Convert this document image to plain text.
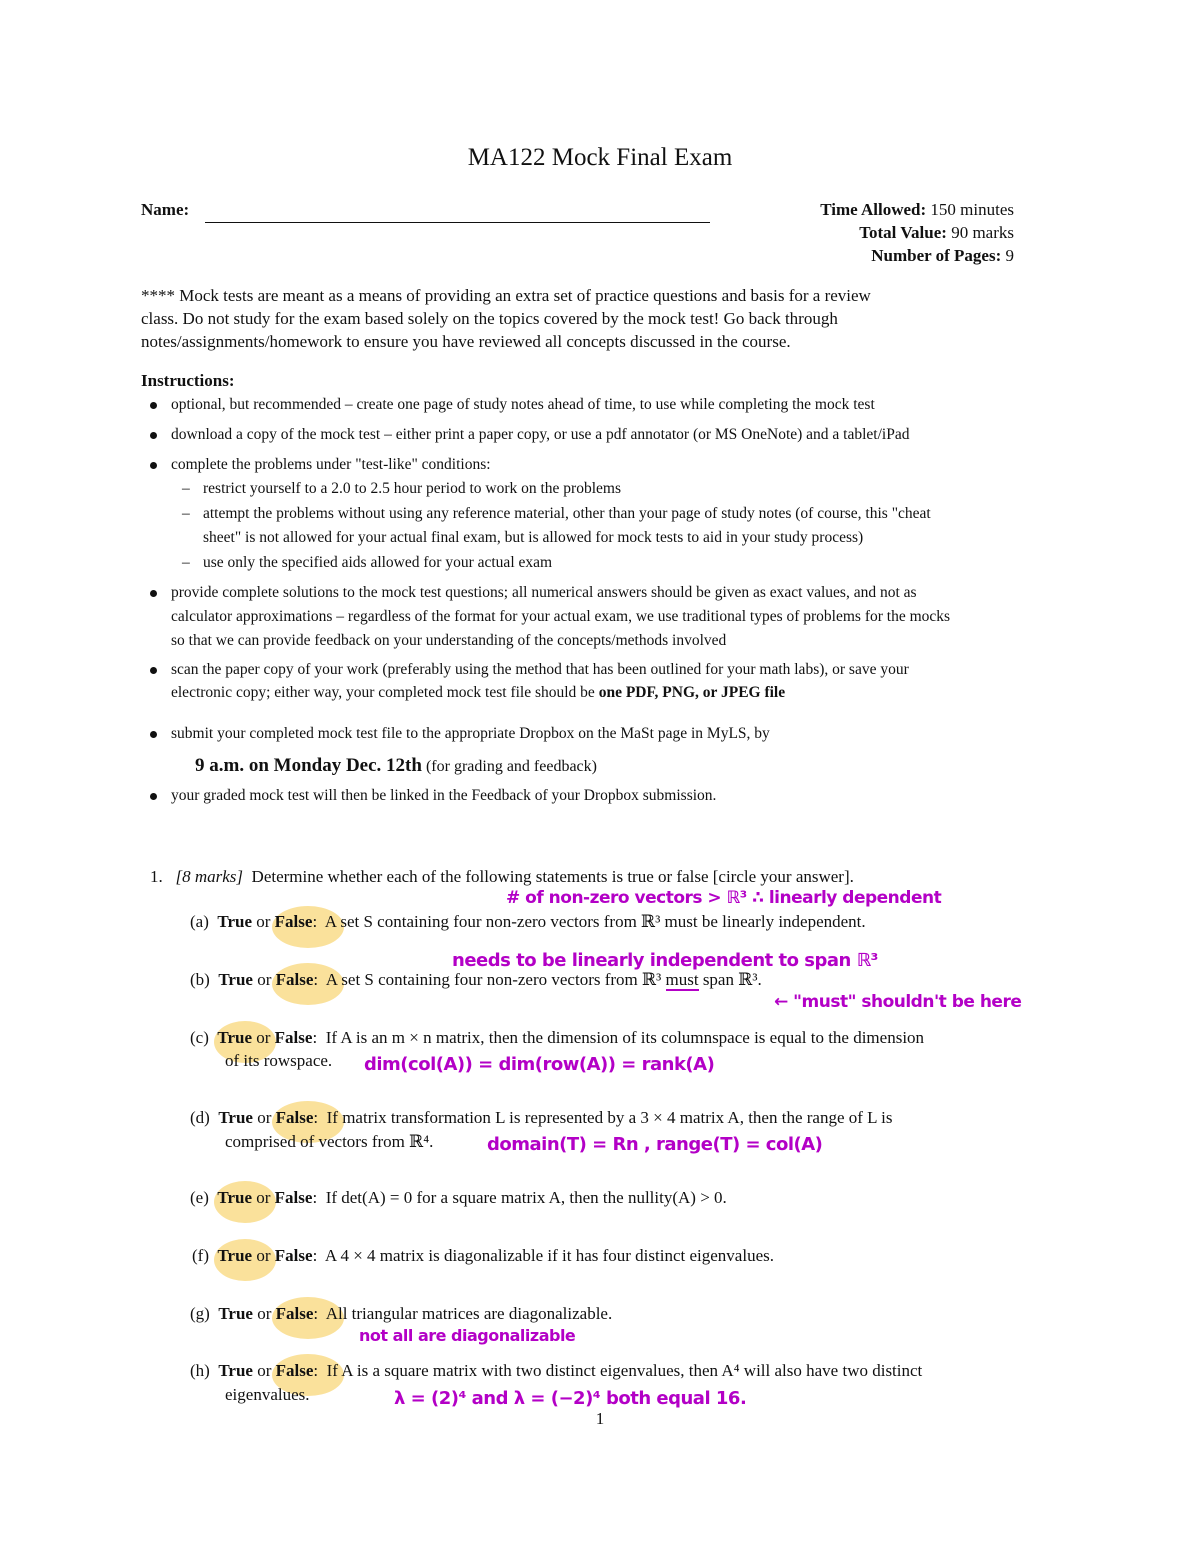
MA122 Mock Final Exam
Name:	Time Allowed: 150 minutes
Total Value: 90 marks
Number of Pages: 9
**** Mock tests are meant as a means of providing an extra set of practice questions and basis for a review
class. Do not study for the exam based solely on the topics covered by the mock test! Go back through
notes/assignments/homework to ensure you have reviewed all concepts discussed in the course.
Instructions:
optional, but recommended – create one page of study notes ahead of time, to use while completing the mock test
download a copy of the mock test – either print a paper copy, or use a pdf annotator (or MS OneNote) and a tablet/iPad
complete the problems under "test-like" conditions:
– restrict yourself to a 2.0 to 2.5 hour period to work on the problems
– attempt the problems without using any reference material, other than your page of study notes (of course, this "cheat
sheet" is not allowed for your actual final exam, but is allowed for mock tests to aid in your study process)
– use only the specified aids allowed for your actual exam
provide complete solutions to the mock test questions; all numerical answers should be given as exact values, and not as
calculator approximations – regardless of the format for your actual exam, we use traditional types of problems for the mocks
so that we can provide feedback on your understanding of the concepts/methods involved
scan the paper copy of your work (preferably using the method that has been outlined for your math labs), or save your
electronic copy; either way, your completed mock test file should be one PDF, PNG, or JPEG file
submit your completed mock test file to the appropriate Dropbox on the MaSt page in MyLS, by
9 a.m. on Monday Dec. 12th (for grading and feedback)
your graded mock test will then be linked in the Feedback of your Dropbox submission.
1. [8 marks] Determine whether each of the following statements is true or false [circle your answer].
(a) True or False:  A set S containing four non-zero vectors from ℝ³ must be linearly independent.
(b) True or False:  A set S containing four non-zero vectors from ℝ³ must span ℝ³.
(c) True or False:  If A is an m × n matrix, then the dimension of its columnspace is equal to the dimension
of its rowspace.
(d) True or False:  If matrix transformation L is represented by a 3 × 4 matrix A, then the range of L is
comprised of vectors from ℝ⁴.
(e) True or False:  If det(A) = 0 for a square matrix A, then the nullity(A) > 0.
(f) True or False:  A 4 × 4 matrix is diagonalizable if it has four distinct eigenvalues.
(g) True or False:  All triangular matrices are diagonalizable.
(h) True or False:  If A is a square matrix with two distinct eigenvalues, then A⁴ will also have two distinct
eigenvalues.
# of non-zero vectors > ℝ³ ∴ linearly dependent
needs to be linearly independent to span ℝ³
← "must" shouldn't be here
dim(col(A)) = dim(row(A)) = rank(A)
domain(T) = Rn , range(T) = col(A)
not all are diagonalizable
λ = (2)⁴ and λ = (−2)⁴ both equal 16.
1
